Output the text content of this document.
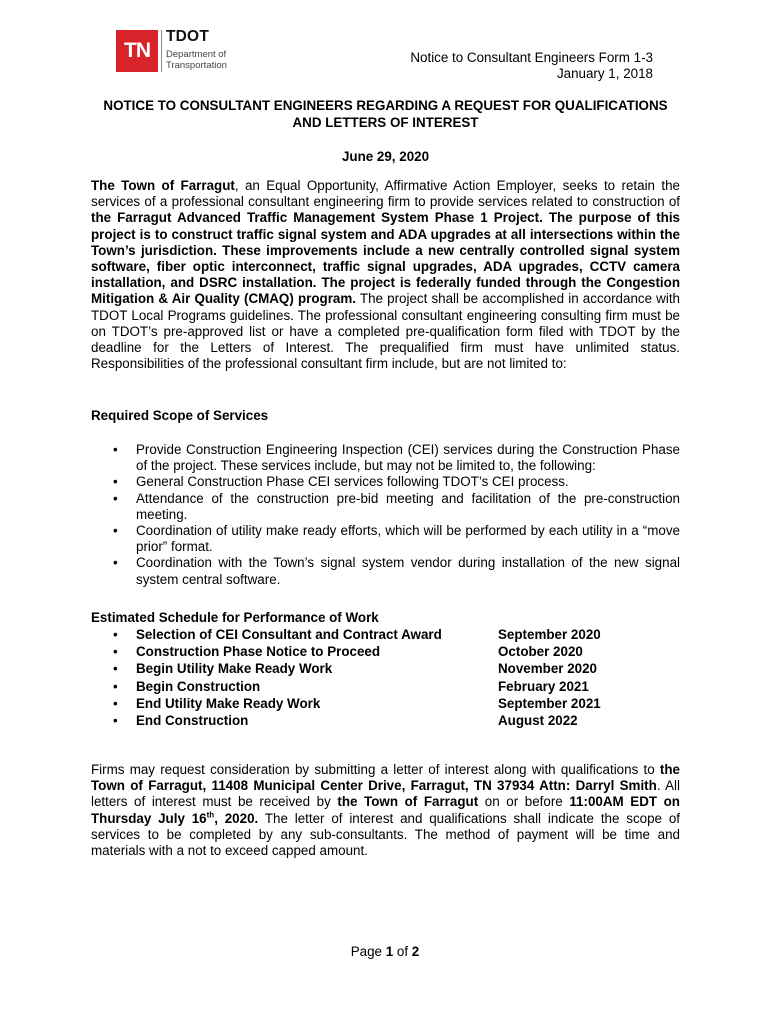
TN
TDOT
Department of
Transportation
Notice to Consultant Engineers Form 1-3
January 1, 2018
NOTICE TO CONSULTANT ENGINEERS REGARDING A REQUEST FOR QUALIFICATIONS
AND LETTERS OF INTEREST
June 29, 2020
The Town of Farragut, an Equal Opportunity, Affirmative Action Employer, seeks to retain the services of a professional consultant engineering firm to provide services related to construction of the Farragut Advanced Traffic Management System Phase 1 Project. The purpose of this project is to construct traffic signal system and ADA upgrades at all intersections within the Town’s jurisdiction. These improvements include a new centrally controlled signal system software, fiber optic interconnect, traffic signal upgrades, ADA upgrades, CCTV camera installation, and DSRC installation. The project is federally funded through the Congestion Mitigation & Air Quality (CMAQ) program. The project shall be accomplished in accordance with TDOT Local Programs guidelines. The professional consultant engineering consulting firm must be on TDOT’s pre-approved list or have a completed pre-qualification form filed with TDOT by the deadline for the Letters of Interest. The prequalified firm must have unlimited status. Responsibilities of the professional consultant firm include, but are not limited to:
Required Scope of Services
• Provide Construction Engineering Inspection (CEI) services during the Construction Phase of the project. These services include, but may not be limited to, the following:
• General Construction Phase CEI services following TDOT’s CEI process.
• Attendance of the construction pre-bid meeting and facilitation of the pre-construction meeting.
• Coordination of utility make ready efforts, which will be performed by each utility in a “move prior” format.
• Coordination with the Town’s signal system vendor during installation of the new signal system central software.
Estimated Schedule for Performance of Work
• Selection of CEI Consultant and Contract Award	September 2020
• Construction Phase Notice to Proceed	October 2020
• Begin Utility Make Ready Work	November 2020
• Begin Construction	February 2021
• End Utility Make Ready Work	September 2021
• End Construction	August 2022
Firms may request consideration by submitting a letter of interest along with qualifications to the Town of Farragut, 11408 Municipal Center Drive, Farragut, TN 37934 Attn: Darryl Smith. All letters of interest must be received by the Town of Farragut on or before 11:00AM EDT on Thursday July 16th, 2020. The letter of interest and qualifications shall indicate the scope of services to be completed by any sub-consultants. The method of payment will be time and materials with a not to exceed capped amount.
Page 1 of 2
